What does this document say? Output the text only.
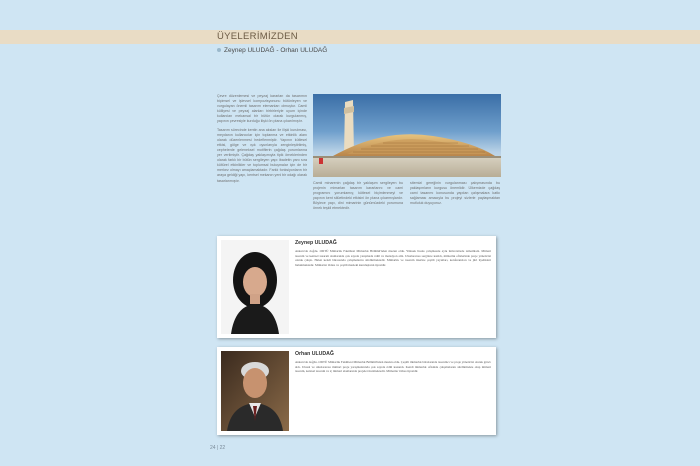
ÜYELERİMİZDEN
Zeynep ULUDAĞ - Orhan ULUDAĞ

Çevre düzenlemesi ve peyzaj kararları da tasarımın biçimsel ve işlevsel kompozisyonunu bütünleyen ve vurgulayan önemli tasarım elemanları olmuştur. Camii külliyesi ve peyzaj alanları birbirleriyle uyum içinde kullanılan mekansal bir bütün olarak kurgulanmış, yapının çevresiyle kurduğu ilişki ön plana çıkarılmıştır.

Tasarım sürecinde kentin ana aksları ile ilişki kurulması, meydanın kullanıcılar için toplanma ve etkinlik alanı olarak düzenlenmesi hedeflenmiştir. Yapının kütlesel etkisi, gölge ve ışık oyunlarıyla zenginleştirilmiş, cephelerde geleneksel motiflerin çağdaş yorumlarına yer verilmiştir. Çağdaş yaklaşımıyla tipik örneklerinden olarak farklı bir bütün sergileyen yapı ibadetin yanı sıra kültürel etkinlikler ve toplumsal buluşmalar için de bir merkez olmayı amaçlamaktadır. Farklı fonksiyonların bir araya geldiği yapı, kentsel mekanın yeni bir odağı olarak tasarlanmıştır.

Camii minarenin çağdaş bir yaklaşım sergileyen bu projenin mimarları tasarım kararlarını ve cami programını yorumlamış; kütlesel biçimlenmeyi ve yapının kent silüetindeki etkisini ön plana çıkarmışlardır. Böylece yapı, dini mimarinin günümüzdeki yorumuna örnek teşkil etmektedir.

sitemizi gereğinin vurgulanması çalışmasında bu yaklaşımların kurgusu önemlidir. Ülkemizde çağdaş cami tasarımı konusunda yapılan çalışmalara katkı sağlaması amacıyla bu projeyi sizlerle paylaşmaktan mutluluk duyuyoruz.

Zeynep ULUDAĞ

Ankara'da doğdu. ODTÜ Mimarlık Fakültesi Mimarlık Bölümü'nden mezun oldu. Yüksek lisans çalışmasını aynı üniversitede tamamladı. Mimari tasarım ve kentsel tasarım alanlarında çok sayıda yarışmada ödül ve mansiyon aldı. Uluslararası sergilere katıldı, mimarlık ofislerinde proje yöneticisi olarak çalıştı. Halen kendi bürosunda çalışmalarını sürdürmektedir. Mimarlık ve tasarım üzerine çeşitli yayınları, konferansları ve jüri üyelikleri bulunmaktadır. Mimarlar Odası ve çeşitli mesleki kuruluşların üyesidir.

Orhan ULUDAĞ

Ankara'da doğdu. ODTÜ Mimarlık Fakültesi Mimarlık Bölümü'nden mezun oldu. Çeşitli mimarlık bürolarında tasarımcı ve proje yöneticisi olarak görev aldı. Ulusal ve uluslararası mimari proje yarışmalarında çok sayıda ödül kazandı. Kendi mimarlık ofisinde çalışmalarını sürdürmekte olup mimari tasarım, kentsel tasarım ve iç mimari alanlarında projeler üretmektedir. Mimarlar Odası üyesidir.

24 | 22
